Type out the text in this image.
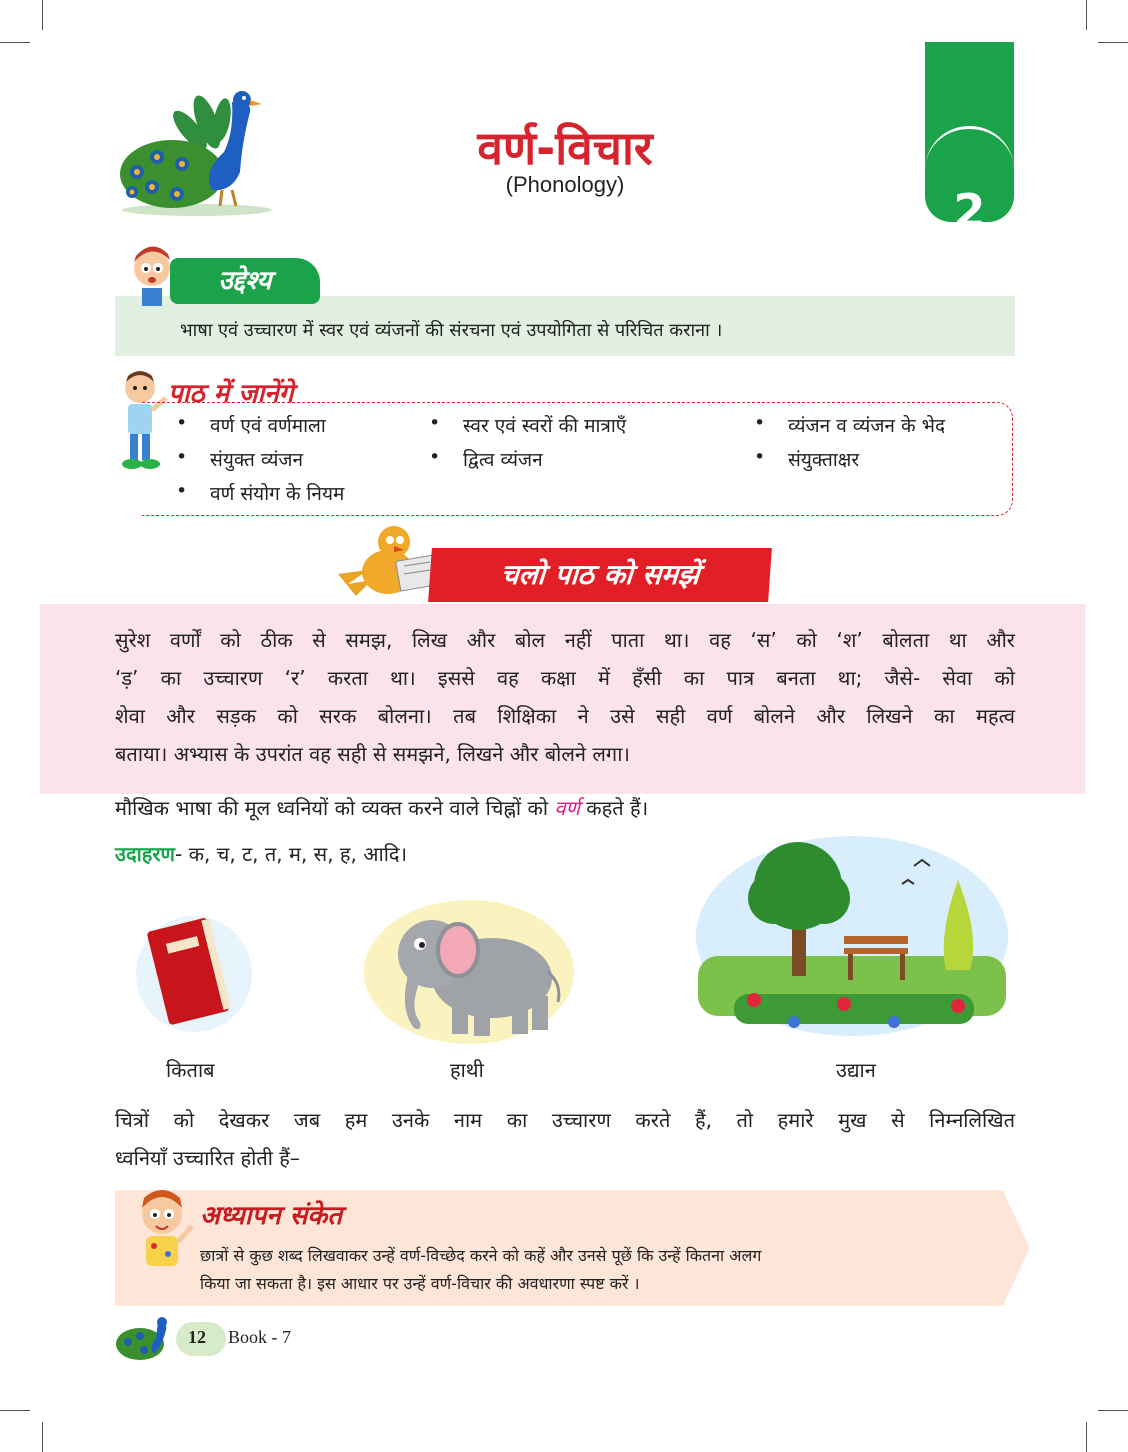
वर्ण-विचार
(Phonology)	2
उद्देश्य
भाषा एवं उच्चारण में स्वर एवं व्यंजनों की संरचना एवं उपयोगिता से परिचित कराना ।
पाठ में जानेंगे
• वर्ण एवं वर्णमाला	• स्वर एवं स्वरों की मात्राएँ	• व्यंजन व व्यंजन के भेद
• संयुक्त व्यंजन	• द्वित्व व्यंजन	• संयुक्ताक्षर
• वर्ण संयोग के नियम
चलो पाठ को समझें
सुरेश वर्णों को ठीक से समझ, लिख और बोल नहीं पाता था। वह ‘स’ को ‘श’ बोलता था और
‘ड़’ का उच्चारण ‘र’ करता था। इससे वह कक्षा में हँसी का पात्र बनता था; जैसे- सेवा को
शेवा और सड़क को सरक बोलना। तब शिक्षिका ने उसे सही वर्ण बोलने और लिखने का महत्व
बताया। अभ्यास के उपरांत वह सही से समझने, लिखने और बोलने लगा।
मौखिक भाषा की मूल ध्वनियों को व्यक्त करने वाले चिह्नों को वर्ण कहते हैं।
उदाहरण- क, च, ट, त, म, स, ह, आदि।
किताब	हाथी	उद्यान
चित्रों को देखकर जब हम उनके नाम का उच्चारण करते हैं, तो हमारे मुख से निम्नलिखित
ध्वनियाँ उच्चारित होती हैं–
अध्यापन संकेत
छात्रों से कुछ शब्द लिखवाकर उन्हें वर्ण-विच्छेद करने को कहें और उनसे पूछें कि उन्हें कितना अलग
किया जा सकता है। इस आधार पर उन्हें वर्ण-विचार की अवधारणा स्पष्ट करें ।
12 Book - 7
